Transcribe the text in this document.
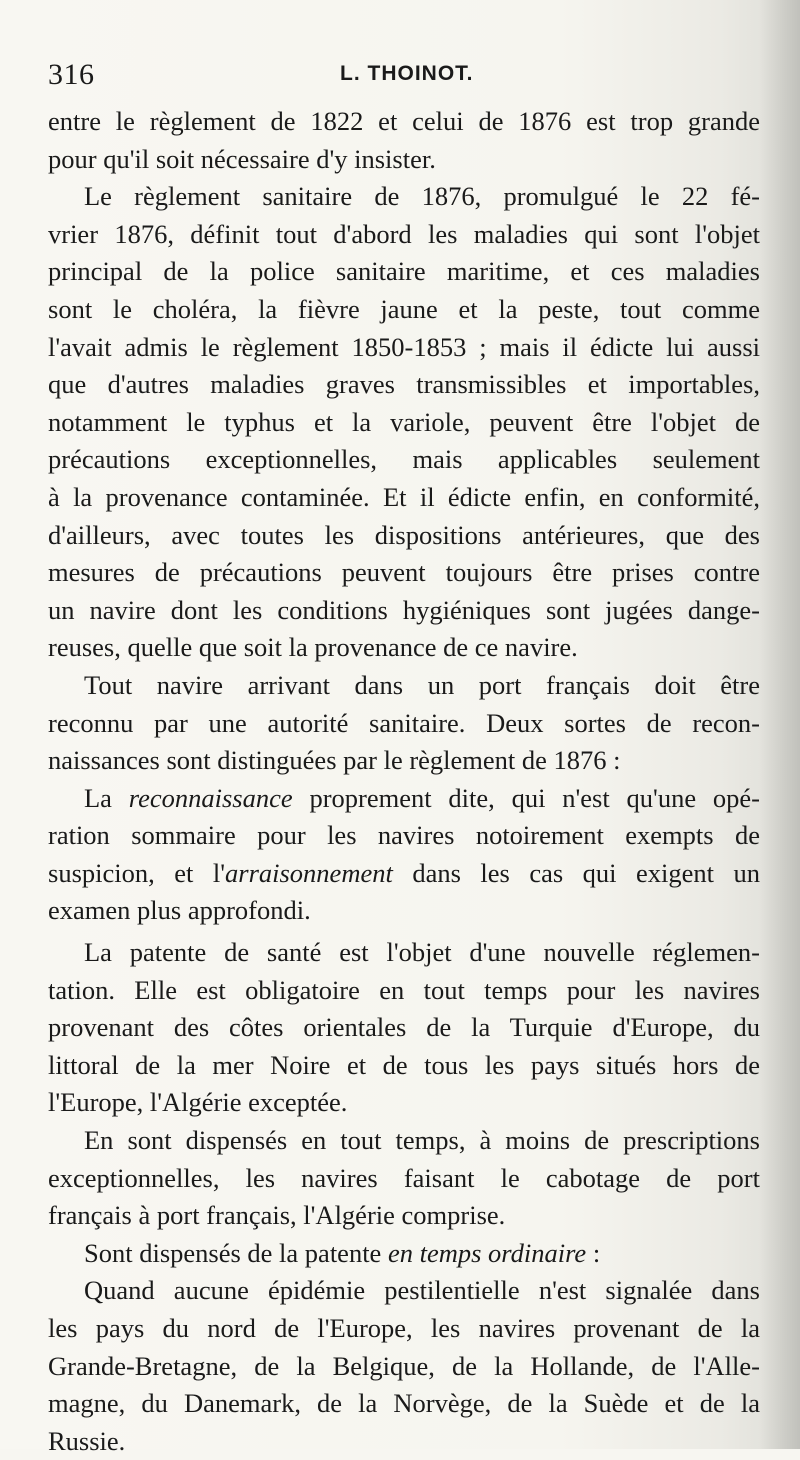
316	L. THOINOT.
entre le règlement de 1822 et celui de 1876 est trop grande
pour qu'il soit nécessaire d'y insister.
Le règlement sanitaire de 1876, promulgué le 22 fé-
vrier 1876, définit tout d'abord les maladies qui sont l'objet
principal de la police sanitaire maritime, et ces maladies
sont le choléra, la fièvre jaune et la peste, tout comme
l'avait admis le règlement 1850-1853 ; mais il édicte lui aussi
que d'autres maladies graves transmissibles et importables,
notamment le typhus et la variole, peuvent être l'objet de
précautions exceptionnelles, mais applicables seulement
à la provenance contaminée. Et il édicte enfin, en conformité,
d'ailleurs, avec toutes les dispositions antérieures, que des
mesures de précautions peuvent toujours être prises contre
un navire dont les conditions hygiéniques sont jugées dange-
reuses, quelle que soit la provenance de ce navire.
Tout navire arrivant dans un port français doit être
reconnu par une autorité sanitaire. Deux sortes de recon-
naissances sont distinguées par le règlement de 1876 :
La reconnaissance proprement dite, qui n'est qu'une opé-
ration sommaire pour les navires notoirement exempts de
suspicion, et l'arraisonnement dans les cas qui exigent un
examen plus approfondi.
La patente de santé est l'objet d'une nouvelle réglemen-
tation. Elle est obligatoire en tout temps pour les navires
provenant des côtes orientales de la Turquie d'Europe, du
littoral de la mer Noire et de tous les pays situés hors de
l'Europe, l'Algérie exceptée.
En sont dispensés en tout temps, à moins de prescriptions
exceptionnelles, les navires faisant le cabotage de port
français à port français, l'Algérie comprise.
Sont dispensés de la patente en temps ordinaire :
Quand aucune épidémie pestilentielle n'est signalée dans
les pays du nord de l'Europe, les navires provenant de la
Grande-Bretagne, de la Belgique, de la Hollande, de l'Alle-
magne, du Danemark, de la Norvège, de la Suède et de la
Russie.
